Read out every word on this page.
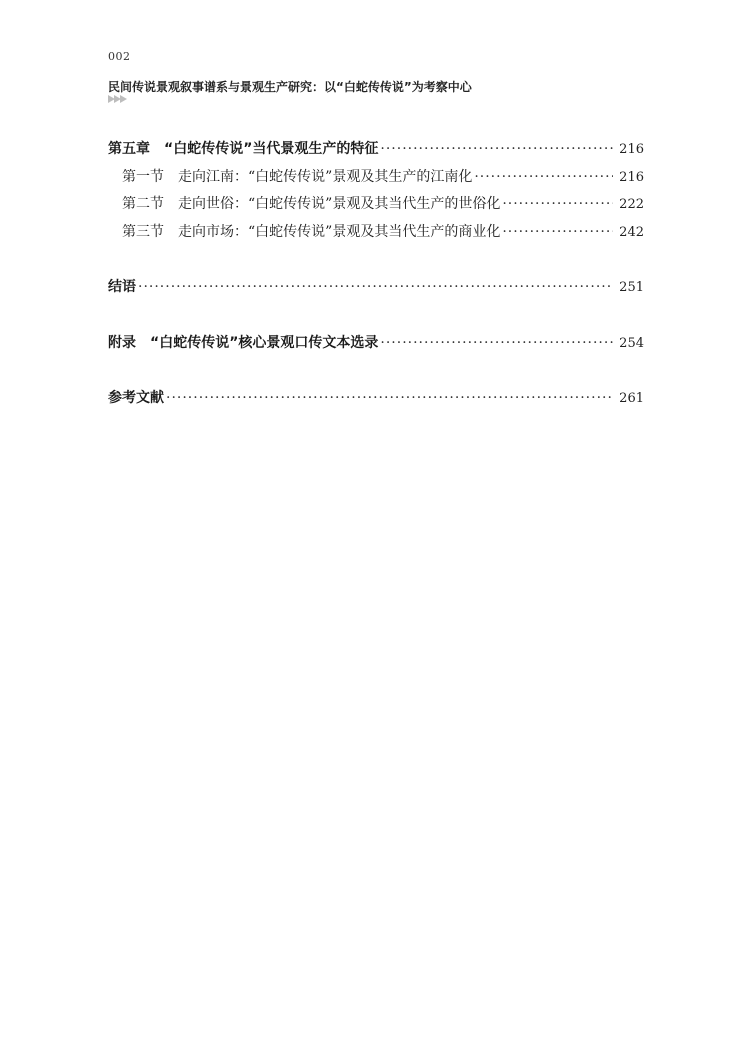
002
民间传说景观叙事谱系与景观生产研究：以“白蛇传传说”为考察中心
第五章　“白蛇传传说”当代景观生产的特征 ·····	216
第一节 走向江南：“白蛇传传说”景观及其生产的江南化 ·····	216
第二节 走向世俗：“白蛇传传说”景观及其当代生产的世俗化 ·····	222
第三节 走向市场：“白蛇传传说”景观及其当代生产的商业化 ·····	242
结语 ·····	251
附录　“白蛇传传说”核心景观口传文本选录 ·····	254
参考文献 ·····	261
